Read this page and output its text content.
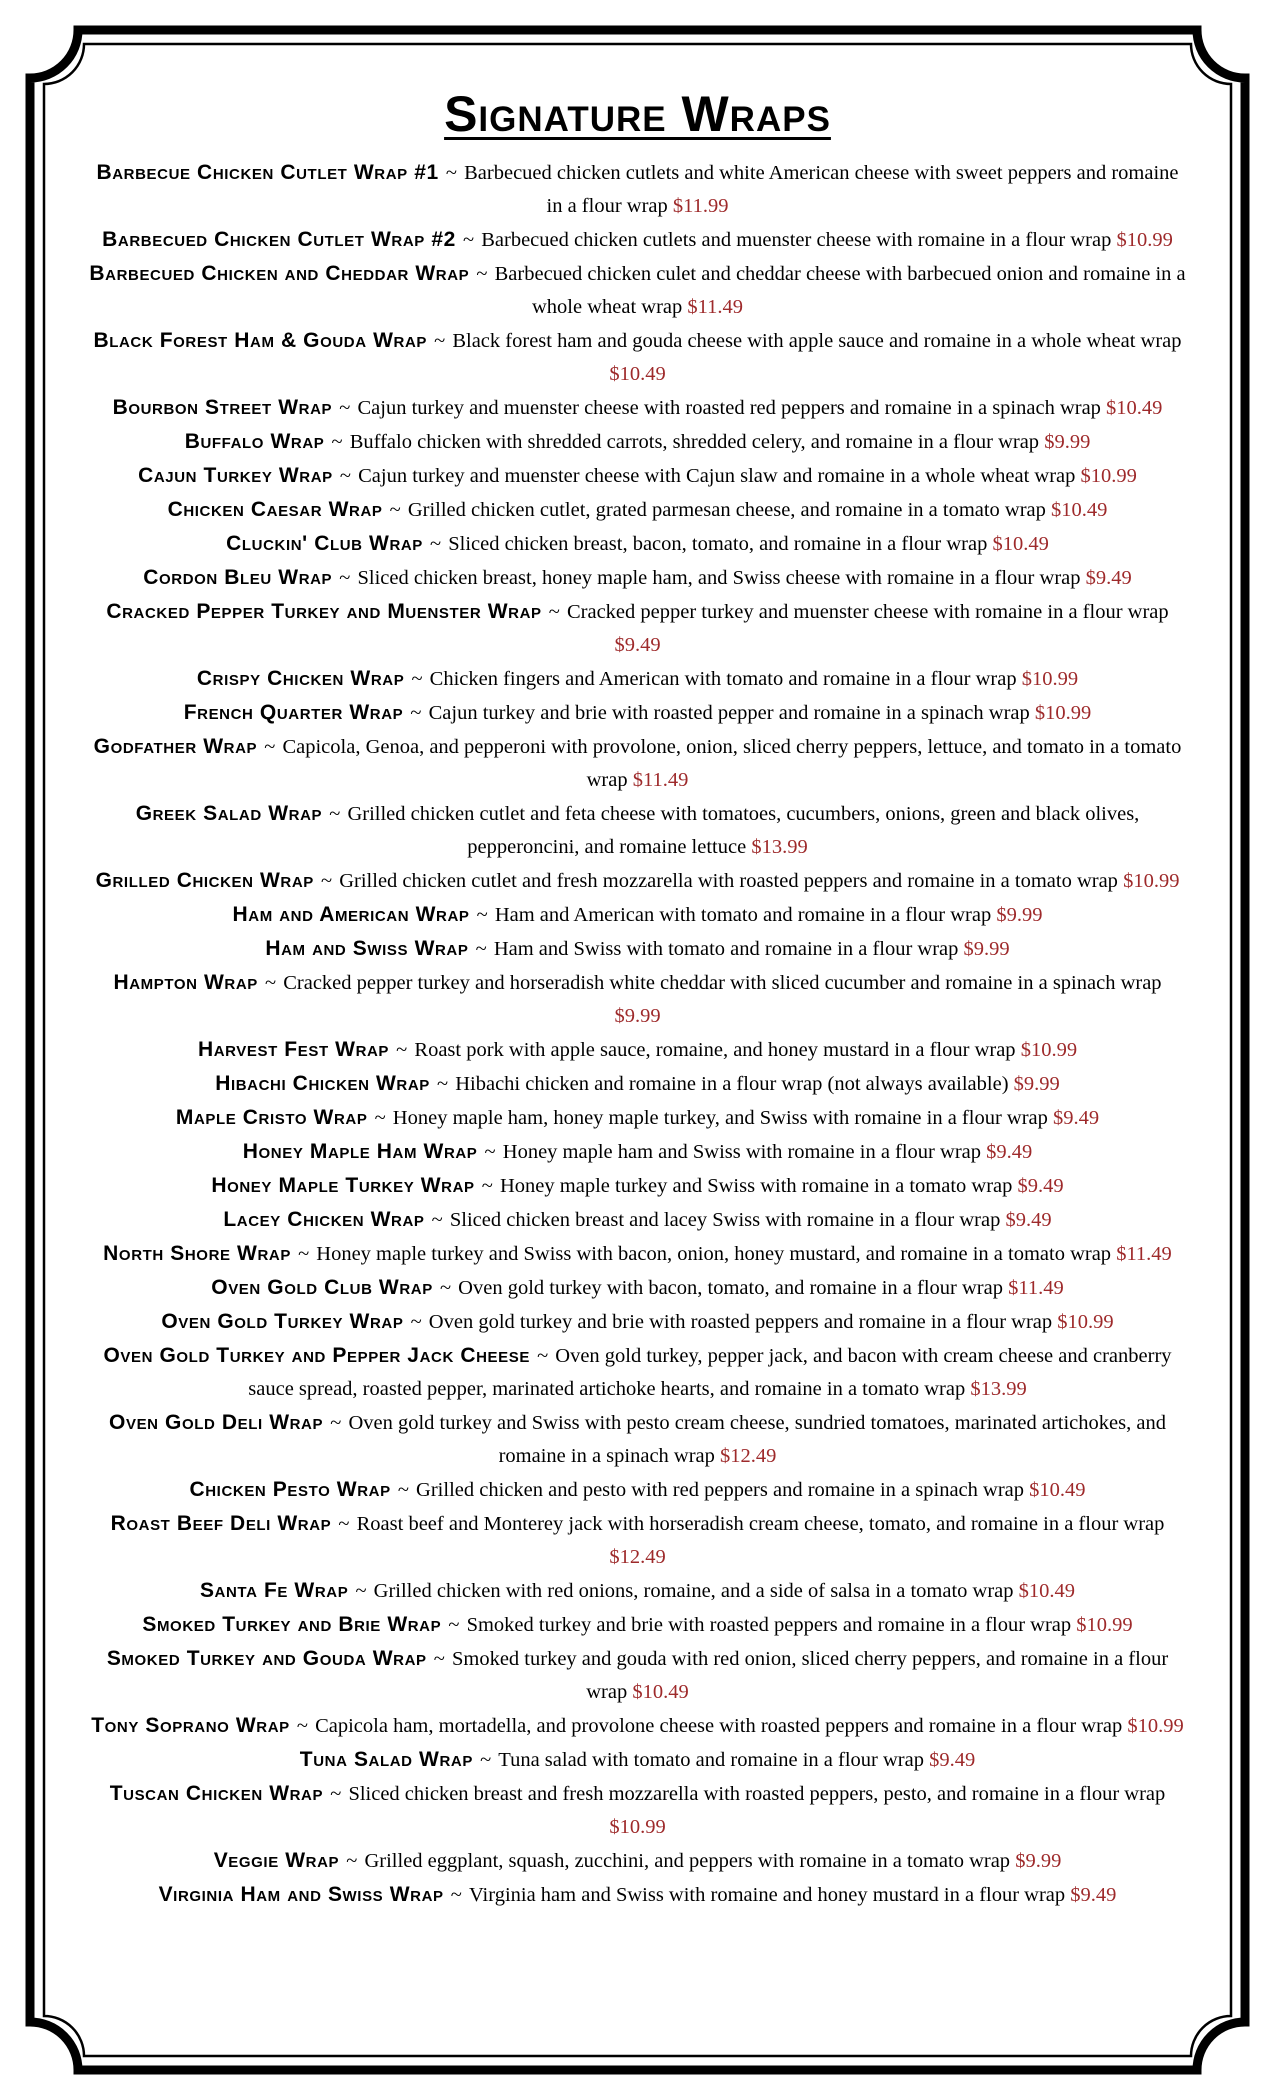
Signature Wraps
Barbecue Chicken Cutlet Wrap #1 ~ Barbecued chicken cutlets and white American cheese with sweet peppers and romaine in a flour wrap $11.99
Barbecued Chicken Cutlet Wrap #2 ~ Barbecued chicken cutlets and muenster cheese with romaine in a flour wrap $10.99
Barbecued Chicken and Cheddar Wrap ~ Barbecued chicken culet and cheddar cheese with barbecued onion and romaine in a whole wheat wrap $11.49
Black Forest Ham & Gouda Wrap ~ Black forest ham and gouda cheese with apple sauce and romaine in a whole wheat wrap $10.49
Bourbon Street Wrap ~ Cajun turkey and muenster cheese with roasted red peppers and romaine in a spinach wrap $10.49
Buffalo Wrap ~ Buffalo chicken with shredded carrots, shredded celery, and romaine in a flour wrap $9.99
Cajun Turkey Wrap ~ Cajun turkey and muenster cheese with Cajun slaw and romaine in a whole wheat wrap $10.99
Chicken Caesar Wrap ~ Grilled chicken cutlet, grated parmesan cheese, and romaine in a tomato wrap $10.49
Cluckin' Club Wrap ~ Sliced chicken breast, bacon, tomato, and romaine in a flour wrap $10.49
Cordon Bleu Wrap ~ Sliced chicken breast, honey maple ham, and Swiss cheese with romaine in a flour wrap $9.49
Cracked Pepper Turkey and Muenster Wrap ~ Cracked pepper turkey and muenster cheese with romaine in a flour wrap $9.49
Crispy Chicken Wrap ~ Chicken fingers and American with tomato and romaine in a flour wrap $10.99
French Quarter Wrap ~ Cajun turkey and brie with roasted pepper and romaine in a spinach wrap $10.99
Godfather Wrap ~ Capicola, Genoa, and pepperoni with provolone, onion, sliced cherry peppers, lettuce, and tomato in a tomato wrap $11.49
Greek Salad Wrap ~ Grilled chicken cutlet and feta cheese with tomatoes, cucumbers, onions, green and black olives, pepperoncini, and romaine lettuce $13.99
Grilled Chicken Wrap ~ Grilled chicken cutlet and fresh mozzarella with roasted peppers and romaine in a tomato wrap $10.99
Ham and American Wrap ~ Ham and American with tomato and romaine in a flour wrap $9.99
Ham and Swiss Wrap ~ Ham and Swiss with tomato and romaine in a flour wrap $9.99
Hampton Wrap ~ Cracked pepper turkey and horseradish white cheddar with sliced cucumber and romaine in a spinach wrap $9.99
Harvest Fest Wrap ~ Roast pork with apple sauce, romaine, and honey mustard in a flour wrap $10.99
Hibachi Chicken Wrap ~ Hibachi chicken and romaine in a flour wrap (not always available) $9.99
Maple Cristo Wrap ~ Honey maple ham, honey maple turkey, and Swiss with romaine in a flour wrap $9.49
Honey Maple Ham Wrap ~ Honey maple ham and Swiss with romaine in a flour wrap $9.49
Honey Maple Turkey Wrap ~ Honey maple turkey and Swiss with romaine in a tomato wrap $9.49
Lacey Chicken Wrap ~ Sliced chicken breast and lacey Swiss with romaine in a flour wrap $9.49
North Shore Wrap ~ Honey maple turkey and Swiss with bacon, onion, honey mustard, and romaine in a tomato wrap $11.49
Oven Gold Club Wrap ~ Oven gold turkey with bacon, tomato, and romaine in a flour wrap $11.49
Oven Gold Turkey Wrap ~ Oven gold turkey and brie with roasted peppers and romaine in a flour wrap $10.99
Oven Gold Turkey and Pepper Jack Cheese ~ Oven gold turkey, pepper jack, and bacon with cream cheese and cranberry sauce spread, roasted pepper, marinated artichoke hearts, and romaine in a tomato wrap $13.99
Oven Gold Deli Wrap ~ Oven gold turkey and Swiss with pesto cream cheese, sundried tomatoes, marinated artichokes, and romaine in a spinach wrap $12.49
Chicken Pesto Wrap ~ Grilled chicken and pesto with red peppers and romaine in a spinach wrap $10.49
Roast Beef Deli Wrap ~ Roast beef and Monterey jack with horseradish cream cheese, tomato, and romaine in a flour wrap $12.49
Santa Fe Wrap ~ Grilled chicken with red onions, romaine, and a side of salsa in a tomato wrap $10.49
Smoked Turkey and Brie Wrap ~ Smoked turkey and brie with roasted peppers and romaine in a flour wrap $10.99
Smoked Turkey and Gouda Wrap ~ Smoked turkey and gouda with red onion, sliced cherry peppers, and romaine in a flour wrap $10.49
Tony Soprano Wrap ~ Capicola ham, mortadella, and provolone cheese with roasted peppers and romaine in a flour wrap $10.99
Tuna Salad Wrap ~ Tuna salad with tomato and romaine in a flour wrap $9.49
Tuscan Chicken Wrap ~ Sliced chicken breast and fresh mozzarella with roasted peppers, pesto, and romaine in a flour wrap $10.99
Veggie Wrap ~ Grilled eggplant, squash, zucchini, and peppers with romaine in a tomato wrap $9.99
Virginia Ham and Swiss Wrap ~ Virginia ham and Swiss with romaine and honey mustard in a flour wrap $9.49
